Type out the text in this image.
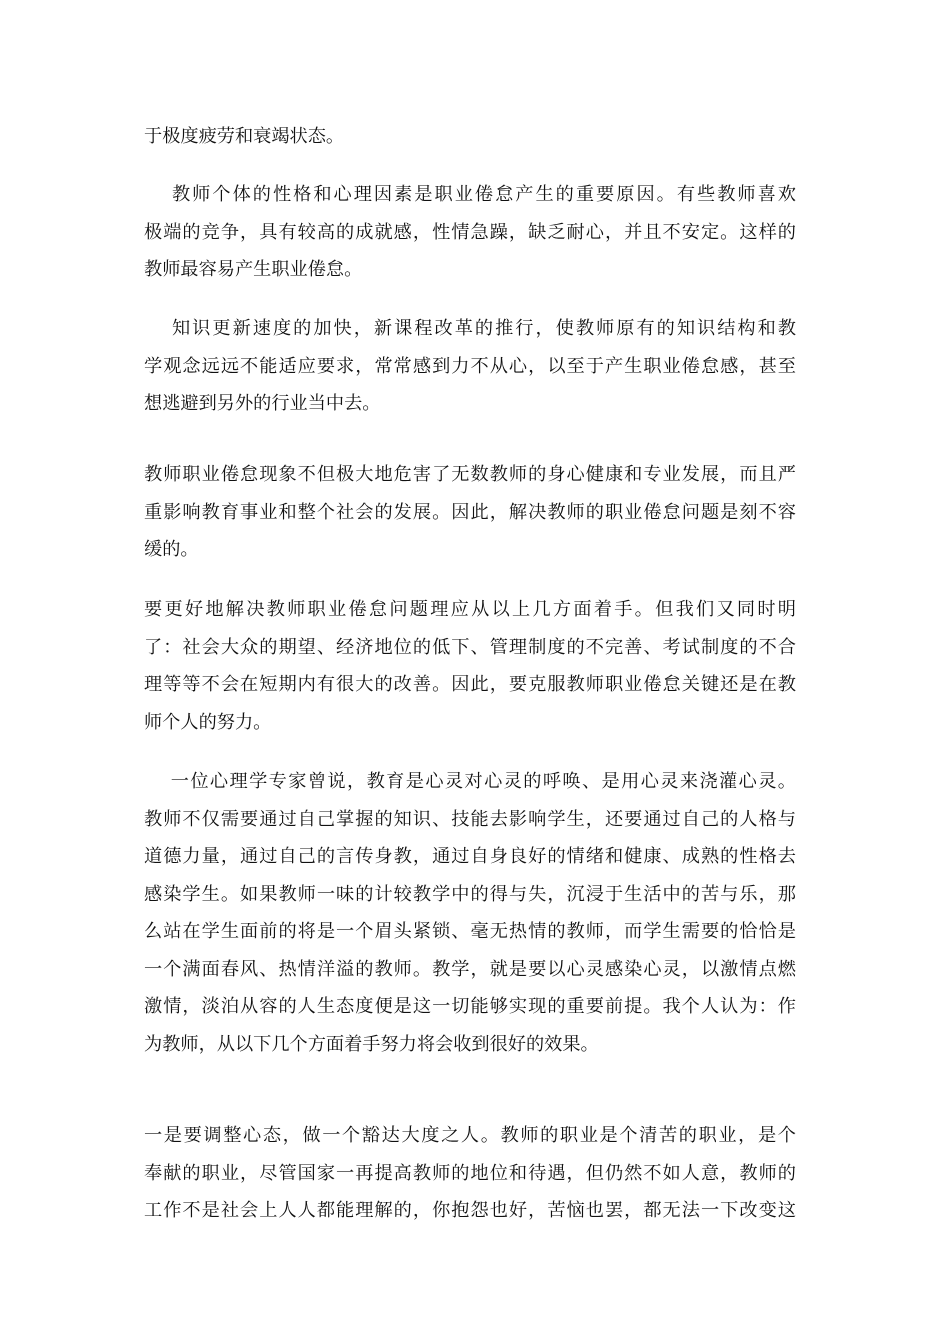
于极度疲劳和衰竭状态。
　 教师个体的性格和心理因素是职业倦怠产生的重要原因。有些教师喜欢
极端的竞争，具有较高的成就感，性情急躁，缺乏耐心，并且不安定。这样的
教师最容易产生职业倦怠。
　 知识更新速度的加快，新课程改革的推行，使教师原有的知识结构和教
学观念远远不能适应要求，常常感到力不从心，以至于产生职业倦怠感，甚至
想逃避到另外的行业当中去。
教师职业倦怠现象不但极大地危害了无数教师的身心健康和专业发展，而且严
重影响教育事业和整个社会的发展。因此，解决教师的职业倦怠问题是刻不容
缓的。
要更好地解决教师职业倦怠问题理应从以上几方面着手。但我们又同时明
了：社会大众的期望、经济地位的低下、管理制度的不完善、考试制度的不合
理等等不会在短期内有很大的改善。因此，要克服教师职业倦怠关键还是在教
师个人的努力。
　 一位心理学专家曾说，教育是心灵对心灵的呼唤、是用心灵来浇灌心灵。
教师不仅需要通过自己掌握的知识、技能去影响学生，还要通过自己的人格与
道德力量，通过自己的言传身教，通过自身良好的情绪和健康、成熟的性格去
感染学生。如果教师一味的计较教学中的得与失，沉浸于生活中的苦与乐，那
么站在学生面前的将是一个眉头紧锁、毫无热情的教师，而学生需要的恰恰是
一个满面春风、热情洋溢的教师。教学，就是要以心灵感染心灵，以激情点燃
激情，淡泊从容的人生态度便是这一切能够实现的重要前提。我个人认为：作
为教师，从以下几个方面着手努力将会收到很好的效果。
一是要调整心态，做一个豁达大度之人。教师的职业是个清苦的职业，是个
奉献的职业，尽管国家一再提高教师的地位和待遇，但仍然不如人意，教师的
工作不是社会上人人都能理解的，你抱怨也好，苦恼也罢，都无法一下改变这
